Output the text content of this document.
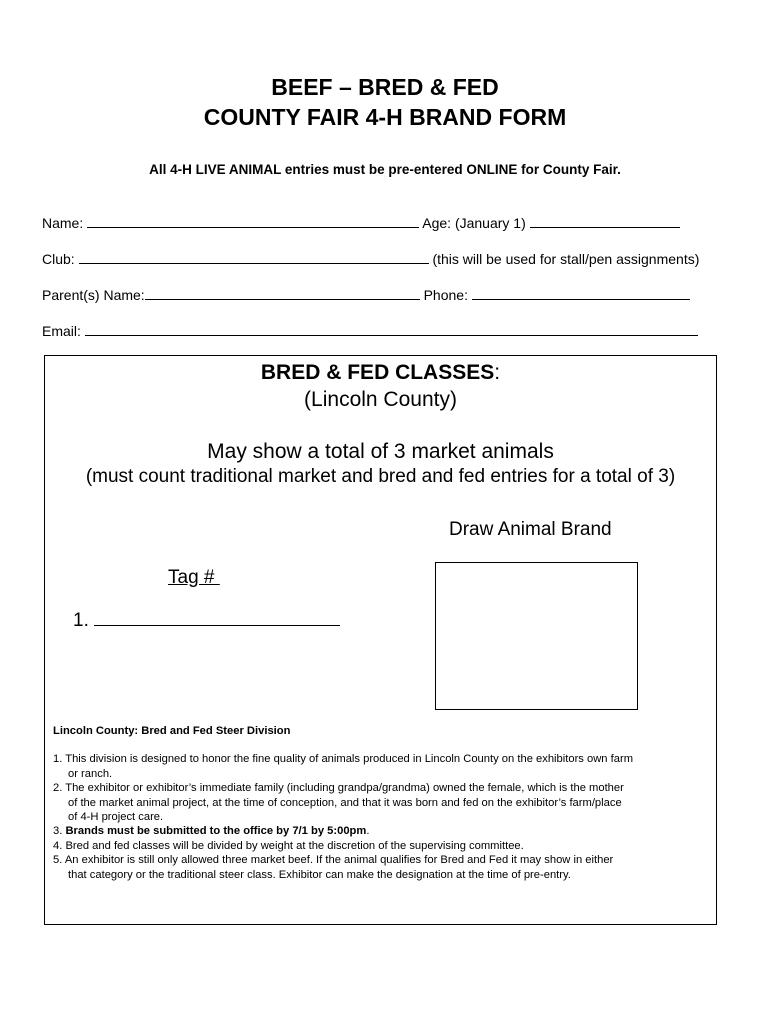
BEEF – BRED & FED
COUNTY FAIR 4-H BRAND FORM
All 4-H LIVE ANIMAL entries must be pre-entered ONLINE for County Fair.
Name:	Age: (January 1)
Club:	(this will be used for stall/pen assignments)
Parent(s) Name:	Phone:
Email:
BRED & FED CLASSES:
(Lincoln County)
May show a total of 3 market animals
(must count traditional market and bred and fed entries for a total of 3)
Draw Animal Brand
Tag #
1.

Lincoln County: Bred and Fed Steer Division

1. This division is designed to honor the fine quality of animals produced in Lincoln County on the exhibitors own farm

or ranch.

2. The exhibitor or exhibitor’s immediate family (including grandpa/grandma) owned the female, which is the mother

of the market animal project, at the time of conception, and that it was born and fed on the exhibitor’s farm/place

of 4-H project care.

3. Brands must be submitted to the office by 7/1 by 5:00pm.

4. Bred and fed classes will be divided by weight at the discretion of the supervising committee.

5. An exhibitor is still only allowed three market beef. If the animal qualifies for Bred and Fed it may show in either

that category or the traditional steer class. Exhibitor can make the designation at the time of pre-entry.
